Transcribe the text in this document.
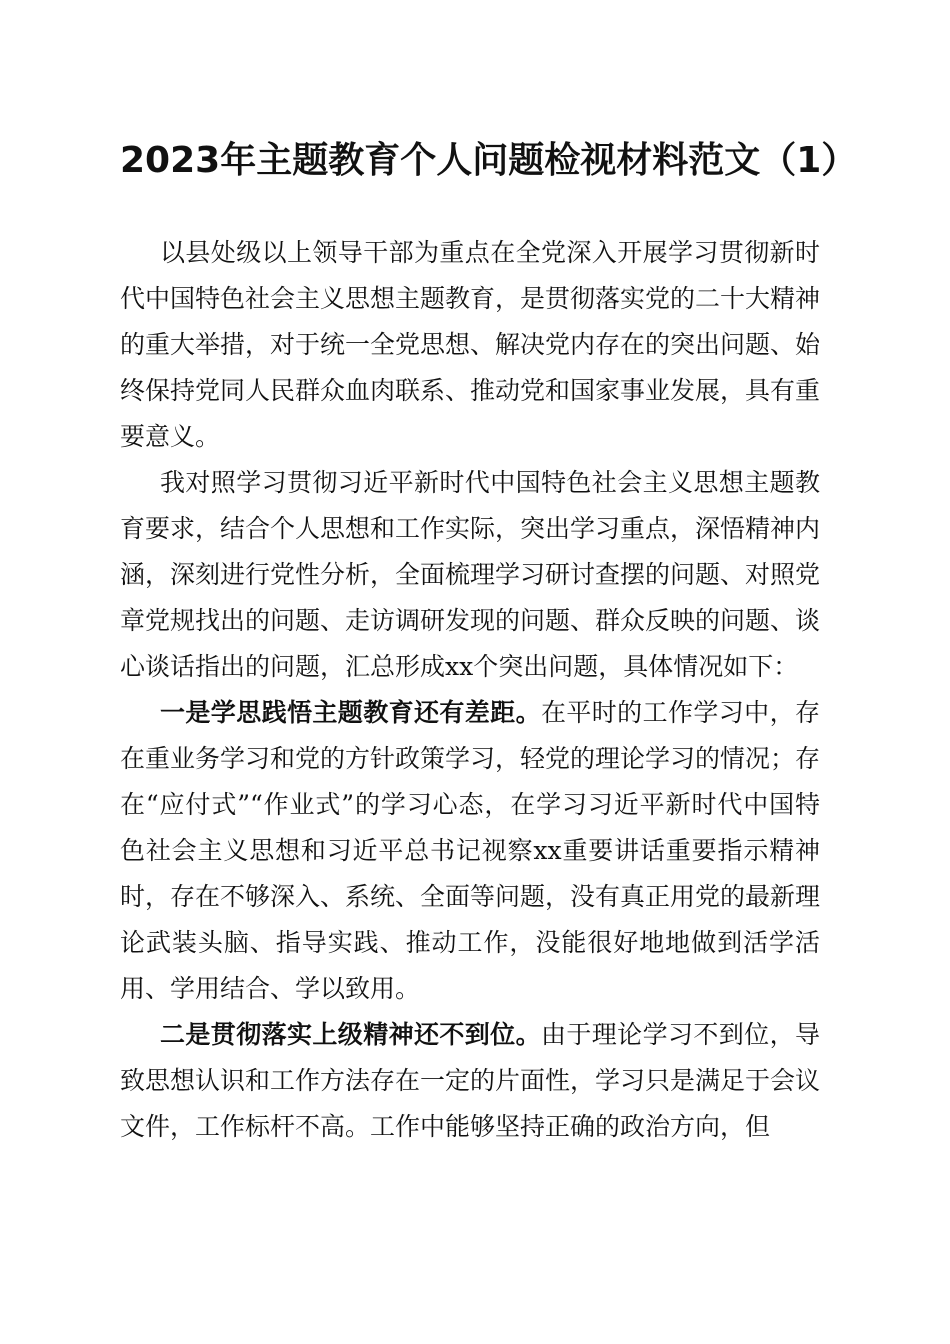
2023年主题教育个人问题检视材料范文（1）

以县处级以上领导干部为重点在全党深入开展学习贯彻新时代中国特色社会主义思想主题教育，是贯彻落实党的二十大精神的重大举措，对于统一全党思想、解决党内存在的突出问题、始终保持党同人民群众血肉联系、推动党和国家事业发展，具有重要意义。

我对照学习贯彻习近平新时代中国特色社会主义思想主题教育要求，结合个人思想和工作实际，突出学习重点，深悟精神内涵，深刻进行党性分析，全面梳理学习研讨查摆的问题、对照党章党规找出的问题、走访调研发现的问题、群众反映的问题、谈心谈话指出的问题，汇总形成xx个突出问题，具体情况如下：

一是学思践悟主题教育还有差距。在平时的工作学习中，存在重业务学习和党的方针政策学习，轻党的理论学习的情况；存在“应付式”“作业式”的学习心态，在学习习近平新时代中国特色社会主义思想和习近平总书记视察xx重要讲话重要指示精神时，存在不够深入、系统、全面等问题，没有真正用党的最新理论武装头脑、指导实践、推动工作，没能很好地地做到活学活用、学用结合、学以致用。

二是贯彻落实上级精神还不到位。由于理论学习不到位，导致思想认识和工作方法存在一定的片面性，学习只是满足于会议文件，工作标杆不高。工作中能够坚持正确的政治方向，但
